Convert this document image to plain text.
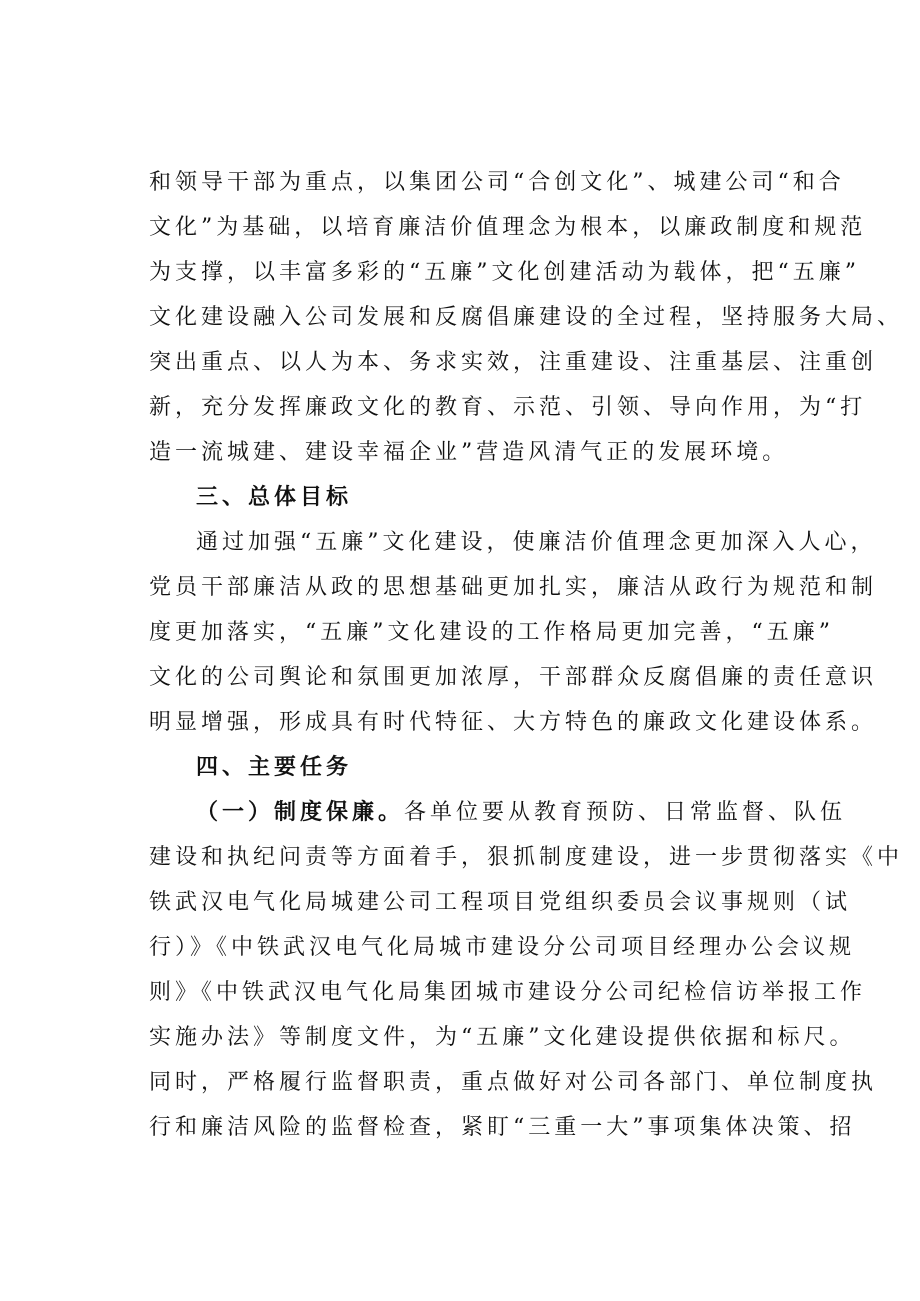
和领导干部为重点，以集团公司“合创文化”、城建公司“和合
文化”为基础，以培育廉洁价值理念为根本，以廉政制度和规范
为支撑，以丰富多彩的“五廉”文化创建活动为载体，把“五廉”
文化建设融入公司发展和反腐倡廉建设的全过程，坚持服务大局、
突出重点、以人为本、务求实效，注重建设、注重基层、注重创
新，充分发挥廉政文化的教育、示范、引领、导向作用，为“打
造一流城建、建设幸福企业”营造风清气正的发展环境。
三、总体目标
通过加强“五廉”文化建设，使廉洁价值理念更加深入人心，
党员干部廉洁从政的思想基础更加扎实，廉洁从政行为规范和制
度更加落实，“五廉”文化建设的工作格局更加完善，“五廉”
文化的公司舆论和氛围更加浓厚，干部群众反腐倡廉的责任意识
明显增强，形成具有时代特征、大方特色的廉政文化建设体系。
四、主要任务
（一）制度保廉。各单位要从教育预防、日常监督、队伍
建设和执纪问责等方面着手，狠抓制度建设，进一步贯彻落实《中
铁武汉电气化局城建公司工程项目党组织委员会议事规则（试
行）》《中铁武汉电气化局城市建设分公司项目经理办公会议规
则》《中铁武汉电气化局集团城市建设分公司纪检信访举报工作
实施办法》等制度文件，为“五廉”文化建设提供依据和标尺。
同时，严格履行监督职责，重点做好对公司各部门、单位制度执
行和廉洁风险的监督检查，紧盯“三重一大”事项集体决策、招
